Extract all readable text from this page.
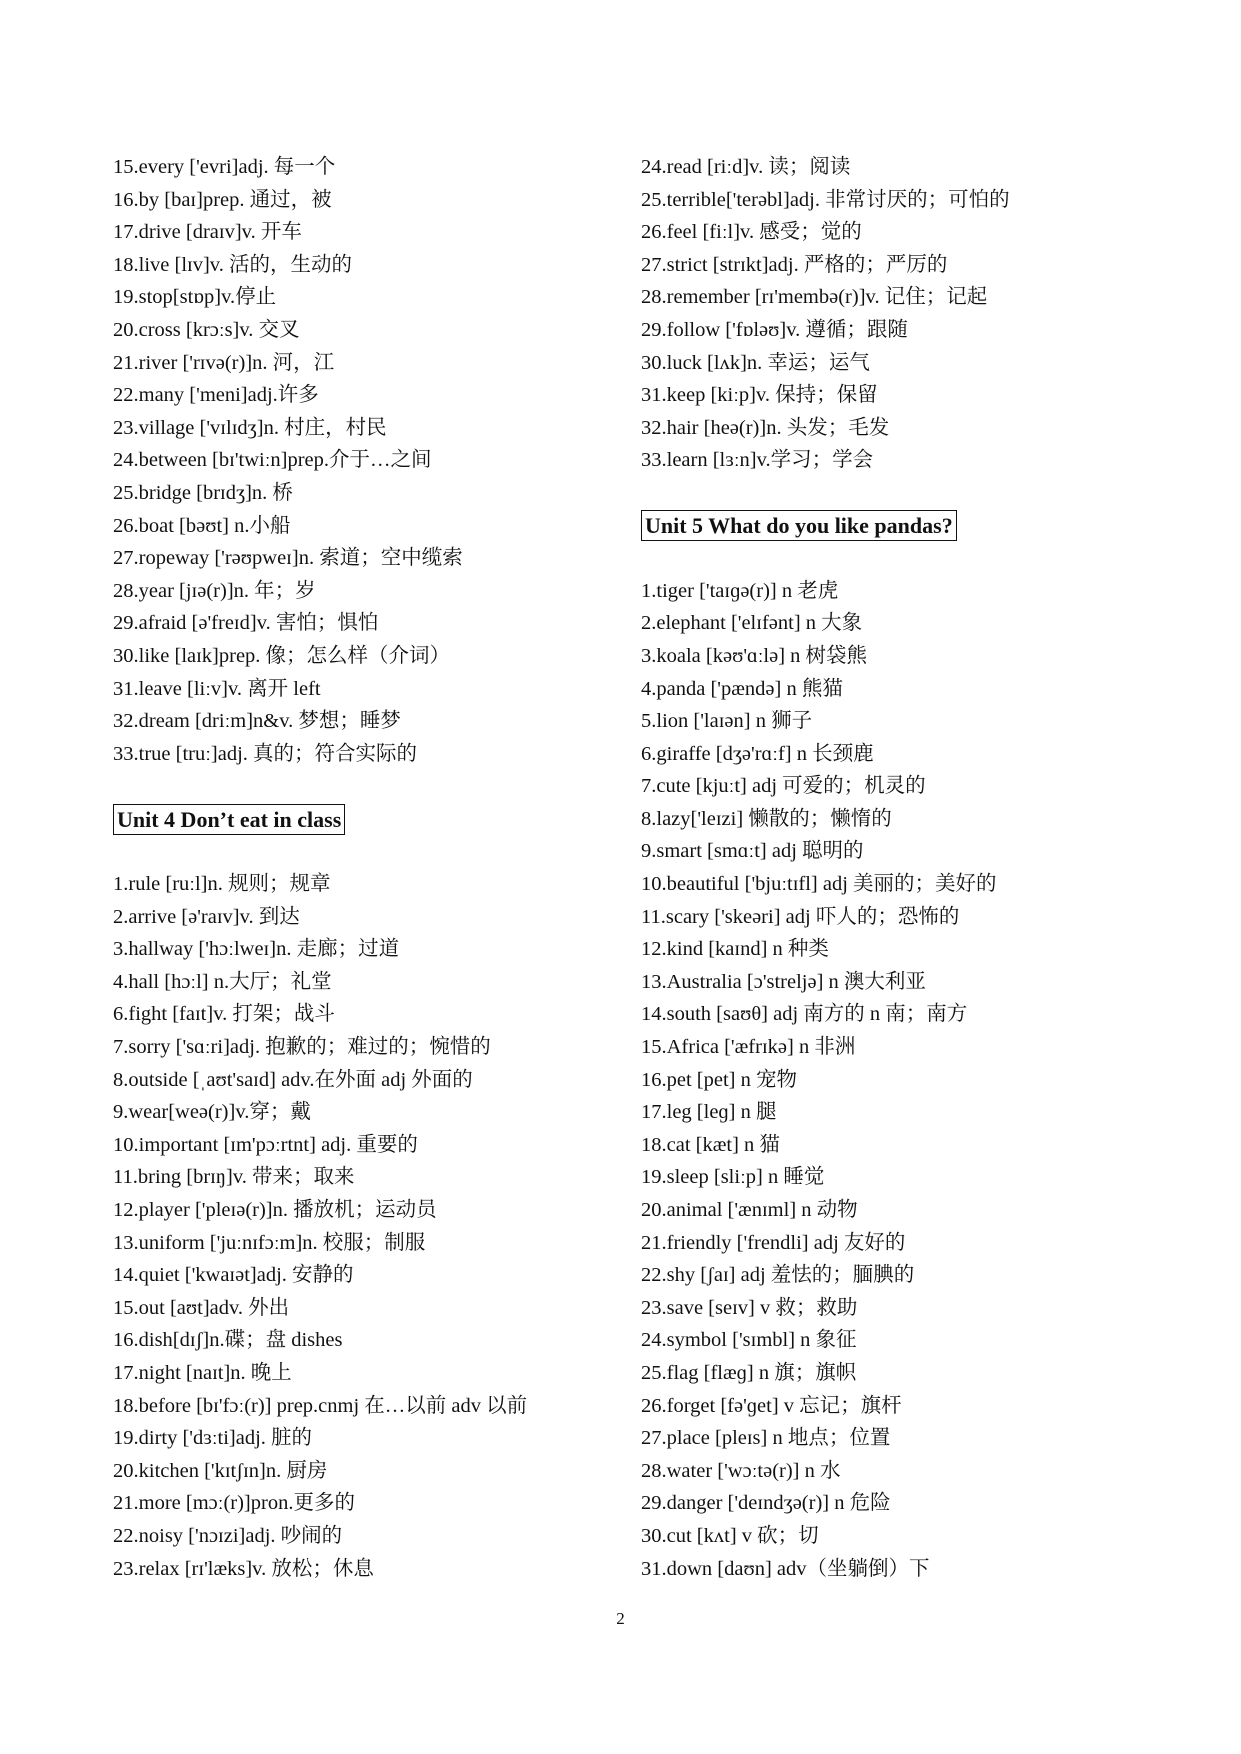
15.every ['evri]adj. 每一个
16.by [baɪ]prep. 通过，被
17.drive [draɪv]v. 开车
18.live [lɪv]v. 活的，生动的
19.stop[stɒp]v.停止
20.cross [krɔːs]v. 交叉
21.river ['rɪvə(r)]n. 河，江
22.many ['meni]adj.许多
23.village ['vɪlɪdʒ]n. 村庄，村民
24.between [bɪ'twiːn]prep.介于…之间
25.bridge [brɪdʒ]n. 桥
26.boat [bəʊt] n.小船
27.ropeway ['rəʊpweɪ]n. 索道；空中缆索
28.year [jɪə(r)]n. 年；岁
29.afraid [ə'freɪd]v. 害怕；惧怕
30.like [laɪk]prep. 像；怎么样（介词）
31.leave [liːv]v. 离开 left
32.dream [driːm]n&v. 梦想；睡梦
33.true [truː]adj. 真的；符合实际的
Unit 4 Don’t eat in class
1.rule [ruːl]n. 规则；规章
2.arrive [ə'raɪv]v. 到达
3.hallway ['hɔːlweɪ]n. 走廊；过道
4.hall [hɔːl] n.大厅；礼堂
6.fight [faɪt]v. 打架；战斗
7.sorry ['sɑːri]adj. 抱歉的；难过的；惋惜的
8.outside [ˌaʊt'saɪd] adv.在外面 adj 外面的
9.wear[weə(r)]v.穿；戴
10.important [ɪm'pɔːrtnt] adj. 重要的
11.bring [brɪŋ]v. 带来；取来
12.player ['pleɪə(r)]n. 播放机；运动员
13.uniform ['juːnɪfɔːm]n. 校服；制服
14.quiet ['kwaɪət]adj. 安静的
15.out [aʊt]adv. 外出
16.dish[dɪʃ]n.碟；盘 dishes
17.night [naɪt]n. 晚上
18.before [bɪ'fɔː(r)] prep.cnmj 在…以前 adv 以前
19.dirty ['dɜːti]adj. 脏的
20.kitchen ['kɪtʃɪn]n. 厨房
21.more [mɔː(r)]pron.更多的
22.noisy ['nɔɪzi]adj. 吵闹的
23.relax [rɪ'læks]v. 放松；休息
24.read [riːd]v. 读；阅读
25.terrible['terəbl]adj. 非常讨厌的；可怕的
26.feel [fiːl]v. 感受；觉的
27.strict [strɪkt]adj. 严格的；严厉的
28.remember [rɪ'membə(r)]v. 记住；记起
29.follow ['fɒləʊ]v. 遵循；跟随
30.luck [lʌk]n. 幸运；运气
31.keep [kiːp]v. 保持；保留
32.hair [heə(r)]n. 头发；毛发
33.learn [lɜːn]v.学习；学会
Unit 5 What do you like pandas?
1.tiger ['taɪɡə(r)] n 老虎
2.elephant ['elɪfənt] n 大象
3.koala [kəʊ'ɑːlə] n 树袋熊
4.panda ['pændə] n 熊猫
5.lion ['laɪən] n 狮子
6.giraffe [dʒə'rɑːf] n 长颈鹿
7.cute [kjuːt] adj 可爱的；机灵的
8.lazy['leɪzi] 懒散的；懒惰的
9.smart [smɑːt] adj 聪明的
10.beautiful ['bjuːtɪfl] adj 美丽的；美好的
11.scary ['skeəri] adj 吓人的；恐怖的
12.kind [kaɪnd] n 种类
13.Australia [ɔ'streljə] n 澳大利亚
14.south [saʊθ] adj 南方的 n 南；南方
15.Africa ['æfrɪkə] n 非洲
16.pet [pet] n 宠物
17.leg [leɡ] n 腿
18.cat [kæt] n 猫
19.sleep [sliːp] n 睡觉
20.animal ['ænɪml] n 动物
21.friendly ['frendli] adj 友好的
22.shy [ʃaɪ] adj 羞怯的；腼腆的
23.save [seɪv] v 救；救助
24.symbol ['sɪmbl] n 象征
25.flag [flæɡ] n 旗；旗帜
26.forget [fə'ɡet] v 忘记；旗杆
27.place [pleɪs] n 地点；位置
28.water ['wɔːtə(r)] n 水
29.danger ['deɪndʒə(r)] n 危险
30.cut [kʌt] v 砍；切
31.down [daʊn] adv（坐躺倒）下
2
